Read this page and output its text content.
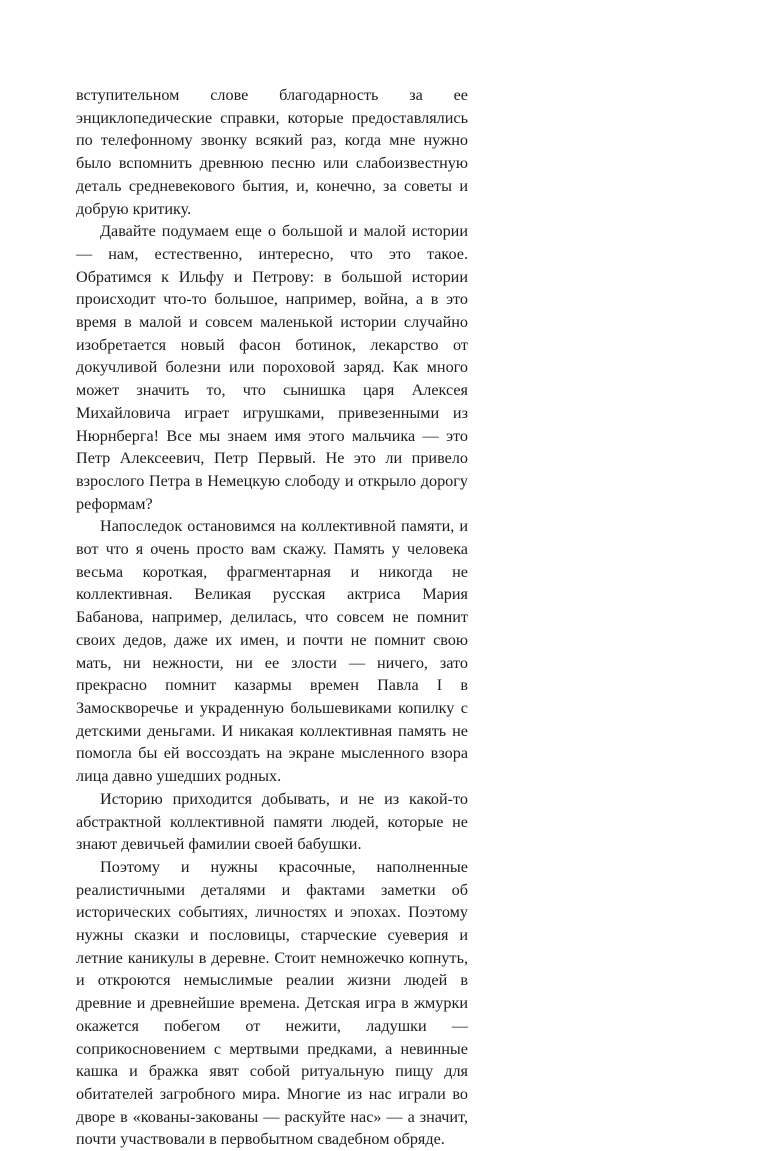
вступительном слове благодарность за ее энциклопедические справки, которые предоставлялись по телефонному звонку всякий раз, когда мне нужно было вспомнить древнюю песню или слабоизвестную деталь средневекового бытия, и, конечно, за советы и добрую критику.

Давайте подумаем еще о большой и малой истории — нам, естественно, интересно, что это такое. Обратимся к Ильфу и Петрову: в большой истории происходит что-то большое, например, война, а в это время в малой и совсем маленькой истории случайно изобретается новый фасон ботинок, лекарство от докучливой болезни или пороховой заряд. Как много может значить то, что сынишка царя Алексея Михайловича играет игрушками, привезенными из Нюрнберга! Все мы знаем имя этого мальчика — это Петр Алексеевич, Петр Первый. Не это ли привело взрослого Петра в Немецкую слободу и открыло дорогу реформам?

Напоследок остановимся на коллективной памяти, и вот что я очень просто вам скажу. Память у человека весьма короткая, фрагментарная и никогда не коллективная. Великая русская актриса Мария Бабанова, например, делилась, что совсем не помнит своих дедов, даже их имен, и почти не помнит свою мать, ни нежности, ни ее злости — ничего, зато прекрасно помнит казармы времен Павла I в Замоскворечье и украденную большевиками копилку с детскими деньгами. И никакая коллективная память не помогла бы ей воссоздать на экране мысленного взора лица давно ушедших родных.

Историю приходится добывать, и не из какой-то абстрактной коллективной памяти людей, которые не знают девичьей фамилии своей бабушки.

Поэтому и нужны красочные, наполненные реалистичными деталями и фактами заметки об исторических событиях, личностях и эпохах. Поэтому нужны сказки и пословицы, старческие суеверия и летние каникулы в деревне. Стоит немножечко копнуть, и откроются немыслимые реалии жизни людей в древние и древнейшие времена. Детская игра в жмурки окажется побегом от нежити, ладушки — соприкосновением с мертвыми предками, а невинные кашка и бражка явят собой ритуальную пищу для обитателей загробного мира. Многие из нас играли во дворе в «кованы-закованы — раскуйте нас» — а значит, почти участвовали в первобытном свадебном обряде.
